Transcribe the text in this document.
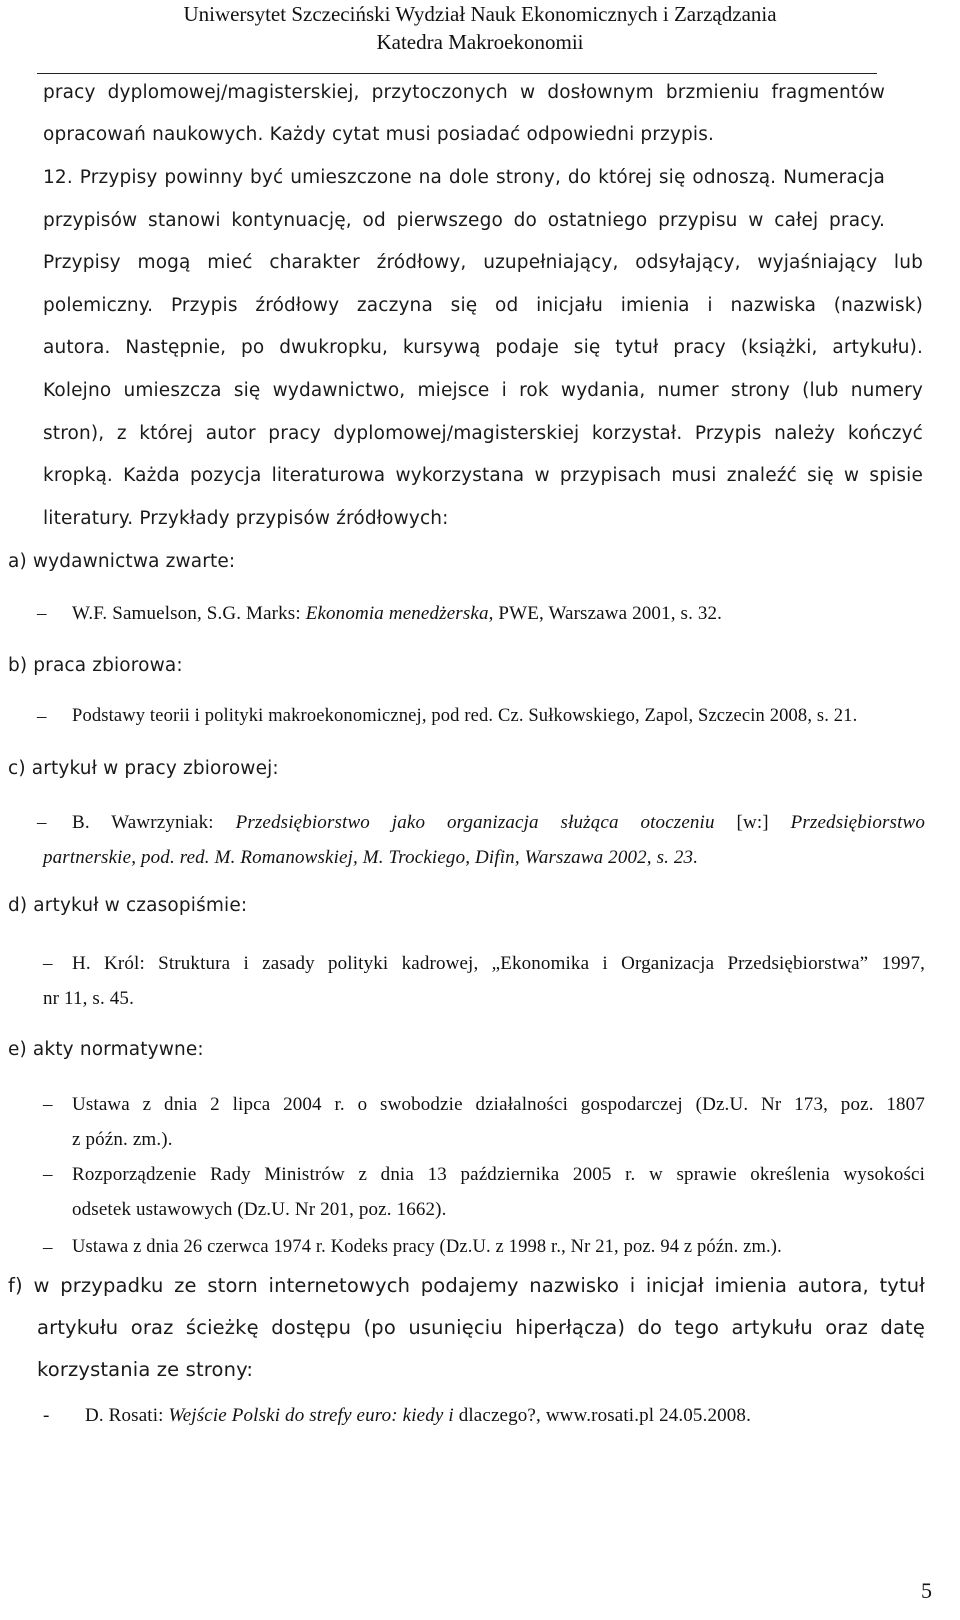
Uniwersytet Szczeciński Wydział Nauk Ekonomicznych i Zarządzania
Katedra Makroekonomii
pracy dyplomowej/magisterskiej, przytoczonych w dosłownym brzmieniu fragmentów
opracowań naukowych. Każdy cytat musi posiadać odpowiedni przypis.
12. Przypisy powinny być umieszczone na dole strony, do której się odnoszą. Numeracja
przypisów stanowi kontynuację, od pierwszego do ostatniego przypisu w całej pracy.
Przypisy mogą mieć charakter źródłowy, uzupełniający, odsyłający, wyjaśniający lub
polemiczny. Przypis źródłowy zaczyna się od inicjału imienia i nazwiska (nazwisk)
autora. Następnie, po dwukropku, kursywą podaje się tytuł pracy (książki, artykułu).
Kolejno umieszcza się wydawnictwo, miejsce i rok wydania, numer strony (lub numery
stron), z której autor pracy dyplomowej/magisterskiej korzystał. Przypis należy kończyć
kropką. Każda pozycja literaturowa wykorzystana w przypisach musi znaleźć się w spisie
literatury. Przykłady przypisów źródłowych:
a) wydawnictwa zwarte:
– W.F. Samuelson, S.G. Marks: Ekonomia menedżerska, PWE, Warszawa 2001, s. 32.
b) praca zbiorowa:
– Podstawy teorii i polityki makroekonomicznej, pod red. Cz. Sułkowskiego, Zapol, Szczecin 2008, s. 21.
c) artykuł w pracy zbiorowej:
– B. Wawrzyniak: Przedsiębiorstwo jako organizacja służąca otoczeniu [w:] Przedsiębiorstwo
partnerskie, pod. red. M. Romanowskiej, M. Trockiego, Difin, Warszawa 2002, s. 23.
d) artykuł w czasopiśmie:
– H. Król: Struktura i zasady polityki kadrowej, „Ekonomika i Organizacja Przedsiębiorstwa” 1997,
nr 11, s. 45.
e) akty normatywne:
– Ustawa z dnia 2 lipca 2004 r. o swobodzie działalności gospodarczej (Dz.U. Nr 173, poz. 1807
z późn. zm.).
– Rozporządzenie Rady Ministrów z dnia 13 października 2005 r. w sprawie określenia wysokości
odsetek ustawowych (Dz.U. Nr 201, poz. 1662).
– Ustawa z dnia 26 czerwca 1974 r. Kodeks pracy (Dz.U. z 1998 r., Nr 21, poz. 94 z późn. zm.).
f) w przypadku ze storn internetowych podajemy nazwisko i inicjał imienia autora, tytuł
artykułu oraz ścieżkę dostępu (po usunięciu hiperłącza) do tego artykułu oraz datę
korzystania ze strony:
- D. Rosati: Wejście Polski do strefy euro: kiedy i dlaczego?, www.rosati.pl 24.05.2008.
5
